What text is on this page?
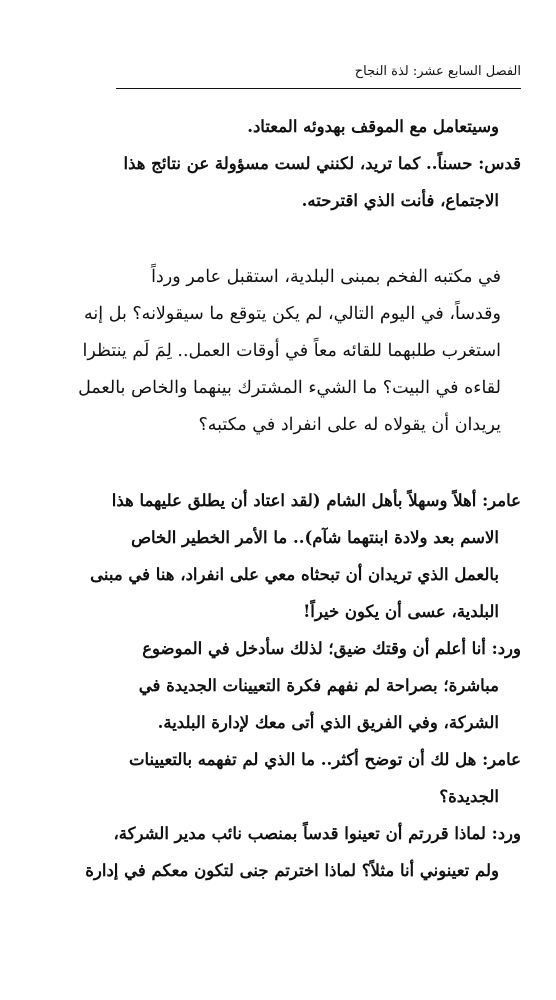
الفصل السابع عشر: لذة النجاح

وسيتعامل مع الموقف بهدوئه المعتاد.

قدس: حسناً.. كما تريد، لكنني لست مسؤولة عن نتائج هذا
الاجتماع، فأنت الذي اقترحته.

في مكتبه الفخم بمبنى البلدية، استقبل عامر ورداً
وقدساً، في اليوم التالي، لم يكن يتوقع ما سيقولانه؟ بل إنه
استغرب طلبهما للقائه معاً في أوقات العمل.. لِمَ لَم ينتظرا
لقاءه في البيت؟ ما الشيء المشترك بينهما والخاص بالعمل
يريدان أن يقولاه له على انفراد في مكتبه؟

عامر: أهلاً وسهلاً بأهل الشام (لقد اعتاد أن يطلق عليهما هذا
الاسم بعد ولادة ابنتهما شآم).. ما الأمر الخطير الخاص
بالعمل الذي تريدان أن تبحثاه معي على انفراد، هنا في مبنى
البلدية، عسى أن يكون خيراً!

ورد: أنا أعلم أن وقتك ضيق؛ لذلك سأدخل في الموضوع
مباشرة؛ بصراحة لم نفهم فكرة التعيينات الجديدة في
الشركة، وفي الفريق الذي أتى معك لإدارة البلدية.

عامر: هل لك أن توضح أكثر.. ما الذي لم تفهمه بالتعيينات
الجديدة؟

ورد: لماذا قررتم أن تعينوا قدساً بمنصب نائب مدير الشركة،
ولم تعينوني أنا مثلاً؟ لماذا اخترتم جنى لتكون معكم في إدارة
